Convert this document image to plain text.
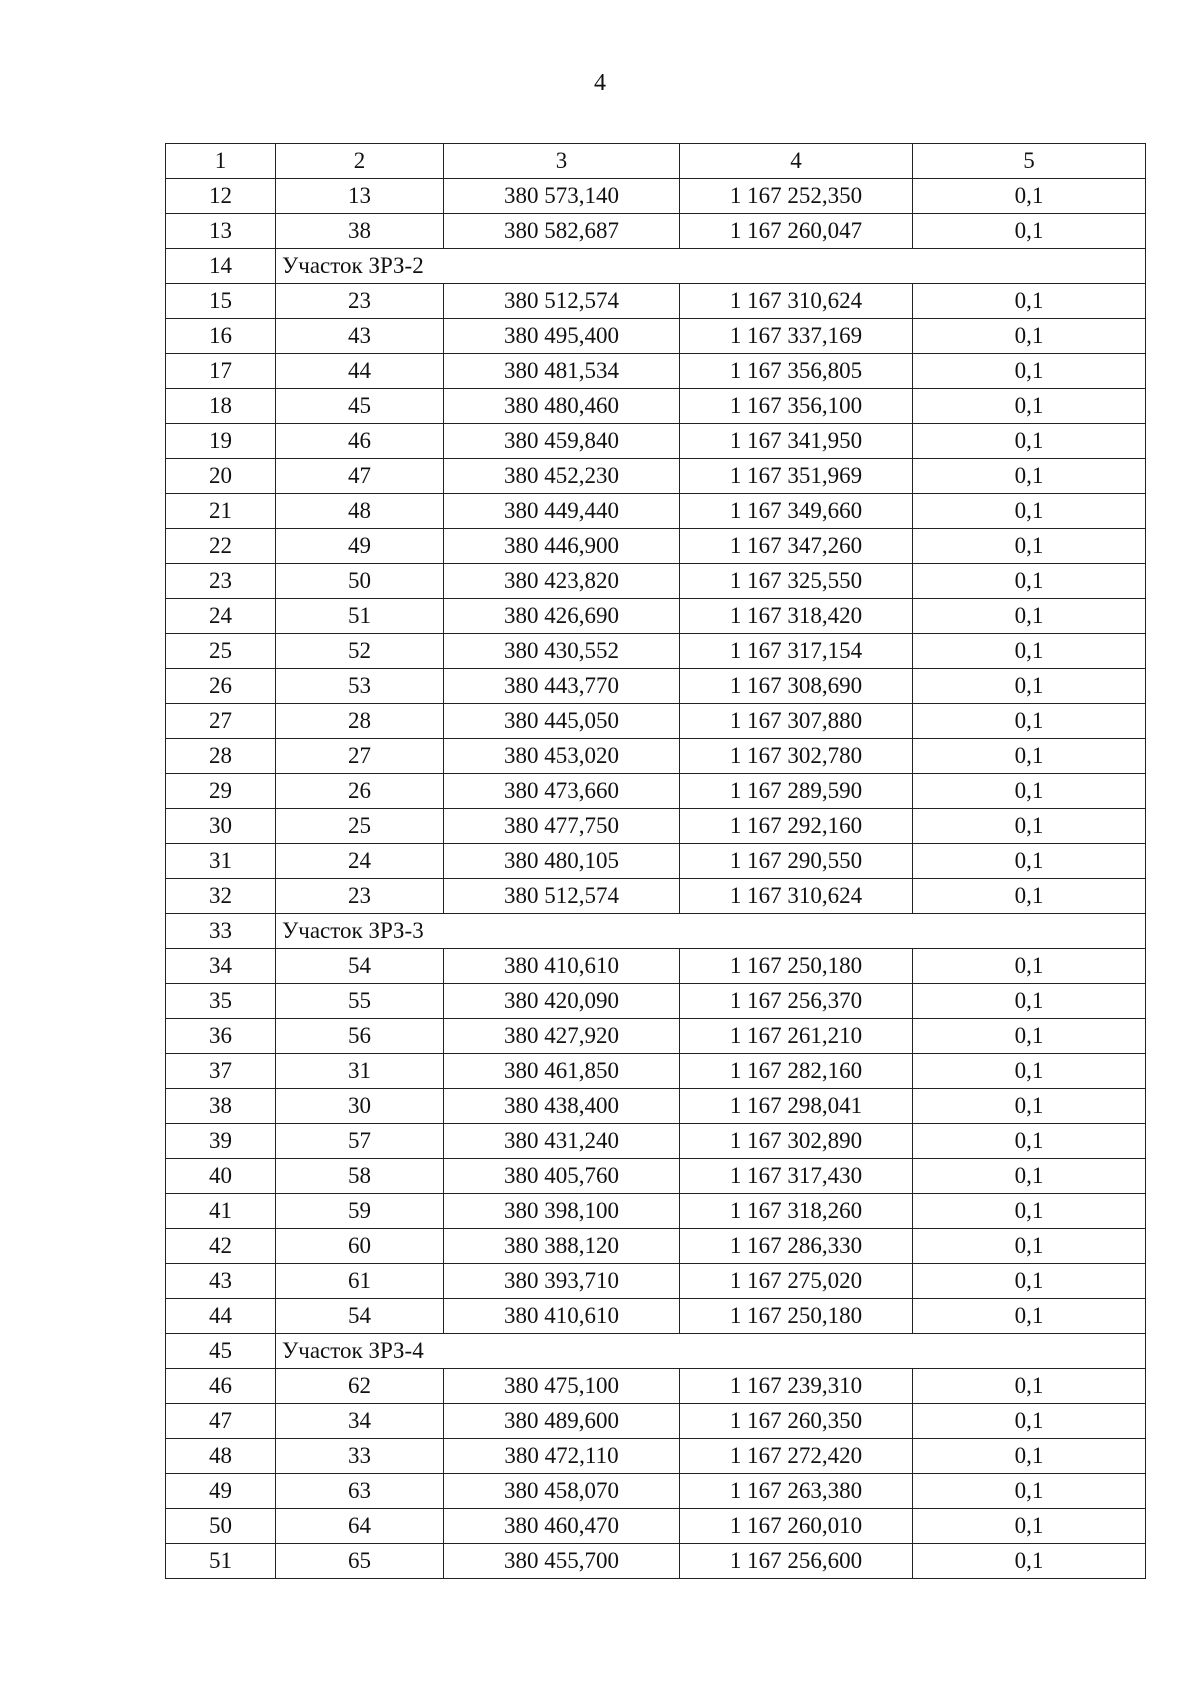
4
1	2	3	4	5
12	13	380 573,140	1 167 252,350	0,1
13	38	380 582,687	1 167 260,047	0,1
14	Участок ЗРЗ-2			
15	23	380 512,574	1 167 310,624	0,1
16	43	380 495,400	1 167 337,169	0,1
17	44	380 481,534	1 167 356,805	0,1
18	45	380 480,460	1 167 356,100	0,1
19	46	380 459,840	1 167 341,950	0,1
20	47	380 452,230	1 167 351,969	0,1
21	48	380 449,440	1 167 349,660	0,1
22	49	380 446,900	1 167 347,260	0,1
23	50	380 423,820	1 167 325,550	0,1
24	51	380 426,690	1 167 318,420	0,1
25	52	380 430,552	1 167 317,154	0,1
26	53	380 443,770	1 167 308,690	0,1
27	28	380 445,050	1 167 307,880	0,1
28	27	380 453,020	1 167 302,780	0,1
29	26	380 473,660	1 167 289,590	0,1
30	25	380 477,750	1 167 292,160	0,1
31	24	380 480,105	1 167 290,550	0,1
32	23	380 512,574	1 167 310,624	0,1
33	Участок ЗРЗ-3			
34	54	380 410,610	1 167 250,180	0,1
35	55	380 420,090	1 167 256,370	0,1
36	56	380 427,920	1 167 261,210	0,1
37	31	380 461,850	1 167 282,160	0,1
38	30	380 438,400	1 167 298,041	0,1
39	57	380 431,240	1 167 302,890	0,1
40	58	380 405,760	1 167 317,430	0,1
41	59	380 398,100	1 167 318,260	0,1
42	60	380 388,120	1 167 286,330	0,1
43	61	380 393,710	1 167 275,020	0,1
44	54	380 410,610	1 167 250,180	0,1
45	Участок ЗРЗ-4			
46	62	380 475,100	1 167 239,310	0,1
47	34	380 489,600	1 167 260,350	0,1
48	33	380 472,110	1 167 272,420	0,1
49	63	380 458,070	1 167 263,380	0,1
50	64	380 460,470	1 167 260,010	0,1
51	65	380 455,700	1 167 256,600	0,1
